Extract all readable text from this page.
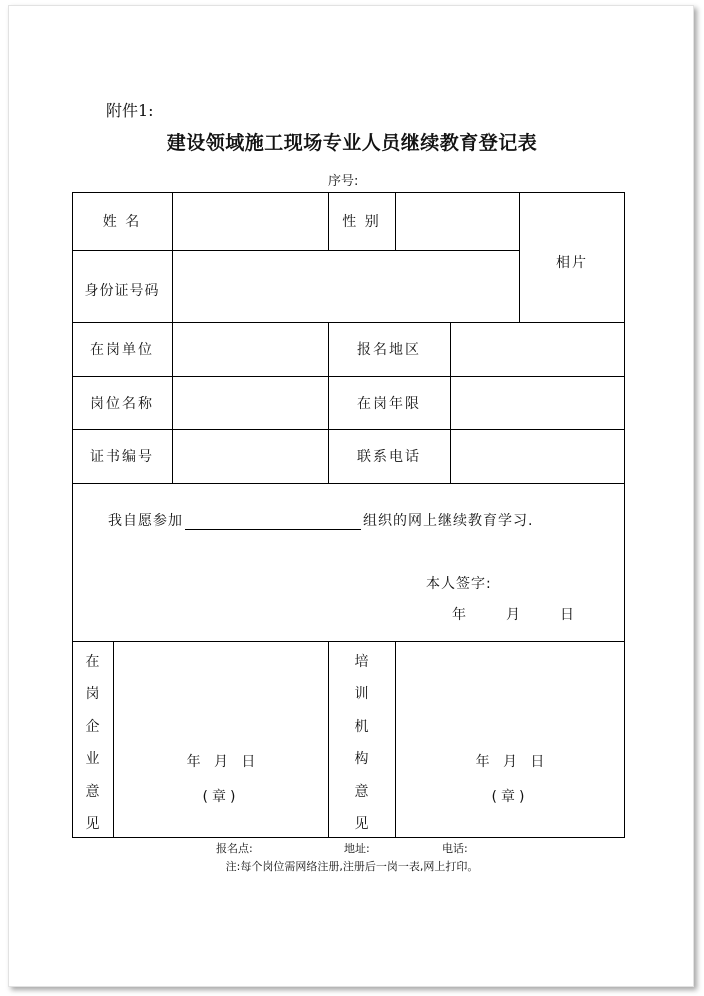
附件1:
建设领域施工现场专业人员继续教育登记表
序号:
姓 名	性 别
相片
身份证号码
在岗单位	报名地区
岗位名称	在岗年限
证书编号	联系电话
我自愿参加	组织的网上继续教育学习.
本人签字:
年	月	日
在
岗
企
业
意
见
年   月   日
(章)
培
训
机
构
意
见
年   月   日
(章)
报名点:	地址:	电话:
注:每个岗位需网络注册,注册后一岗一表,网上打印。
